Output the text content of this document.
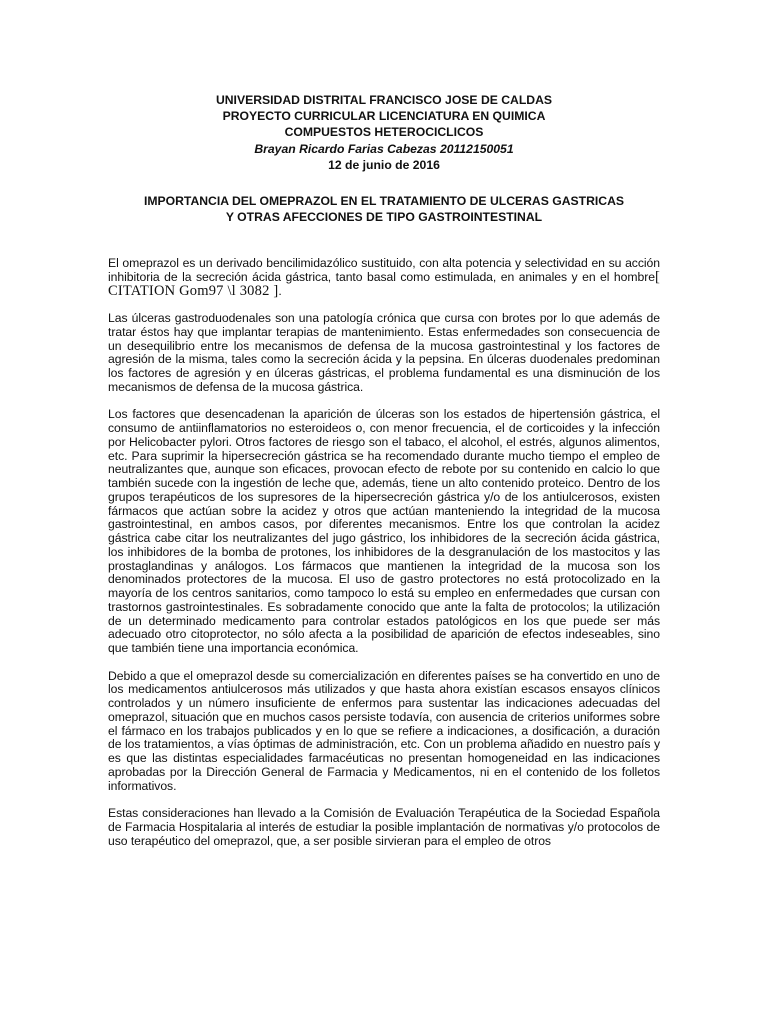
UNIVERSIDAD DISTRITAL FRANCISCO JOSE DE CALDAS
PROYECTO CURRICULAR LICENCIATURA EN QUIMICA
COMPUESTOS HETEROCICLICOS
Brayan Ricardo Farias Cabezas 20112150051
12 de junio de 2016
IMPORTANCIA DEL OMEPRAZOL EN EL TRATAMIENTO DE ULCERAS GASTRICAS
Y OTRAS AFECCIONES DE TIPO GASTROINTESTINAL

El omeprazol es un derivado bencilimidazólico sustituido, con alta potencia y selectividad en su acción inhibitoria de la secreción ácida gástrica, tanto basal como estimulada, en animales y en el hombre[ CITATION Gom97 \l 3082 ].

Las úlceras gastroduodenales son una patología crónica que cursa con brotes por lo que además de tratar éstos hay que implantar terapias de mantenimiento. Estas enfermedades son consecuencia de un desequilibrio entre los mecanismos de defensa de la mucosa gastrointestinal y los factores de agresión de la misma, tales como la secreción ácida y la pepsina. En úlceras duodenales predominan los factores de agresión y en úlceras gástricas, el problema fundamental es una disminución de los mecanismos de defensa de la mucosa gástrica.

Los factores que desencadenan la aparición de úlceras son los estados de hipertensión gástrica, el consumo de antiinflamatorios no esteroideos o, con menor frecuencia, el de corticoides y la infección por Helicobacter pylori. Otros factores de riesgo son el tabaco, el alcohol, el estrés, algunos alimentos, etc. Para suprimir la hipersecreción gástrica se ha recomendado durante mucho tiempo el empleo de neutralizantes que, aunque son eficaces, provocan efecto de rebote por su contenido en calcio lo que también sucede con la ingestión de leche que, además, tiene un alto contenido proteico. Dentro de los grupos terapéuticos de los supresores de la hipersecreción gástrica y/o de los antiulcerosos, existen fármacos que actúan sobre la acidez y otros que actúan manteniendo la integridad de la mucosa gastrointestinal, en ambos casos, por diferentes mecanismos. Entre los que controlan la acidez gástrica cabe citar los neutralizantes del jugo gástrico, los inhibidores de la secreción ácida gástrica, los inhibidores de la bomba de protones, los inhibidores de la desgranulación de los mastocitos y las prostaglandinas y análogos. Los fármacos que mantienen la integridad de la mucosa son los denominados protectores de la mucosa. El uso de gastro protectores no está protocolizado en la mayoría de los centros sanitarios, como tampoco lo está su empleo en enfermedades que cursan con trastornos gastrointestinales. Es sobradamente conocido que ante la falta de protocolos; la utilización de un determinado medicamento para controlar estados patológicos en los que puede ser más adecuado otro citoprotector, no sólo afecta a la posibilidad de aparición de efectos indeseables, sino que también tiene una importancia económica.

Debido a que el omeprazol desde su comercialización en diferentes países se ha convertido en uno de los medicamentos antiulcerosos más utilizados y que hasta ahora existían escasos ensayos clínicos controlados y un número insuficiente de enfermos para sustentar las indicaciones adecuadas del omeprazol, situación que en muchos casos persiste todavía, con ausencia de criterios uniformes sobre el fármaco en los trabajos publicados y en lo que se refiere a indicaciones, a dosificación, a duración de los tratamientos, a vías óptimas de administración, etc. Con un problema añadido en nuestro país y es que las distintas especialidades farmacéuticas no presentan homogeneidad en las indicaciones aprobadas por la Dirección General de Farmacia y Medicamentos, ni en el contenido de los folletos informativos.

Estas consideraciones han llevado a la Comisión de Evaluación Terapéutica de la Sociedad Española de Farmacia Hospitalaria al interés de estudiar la posible implantación de normativas y/o protocolos de uso terapéutico del omeprazol, que, a ser posible sirvieran para el empleo de otros
